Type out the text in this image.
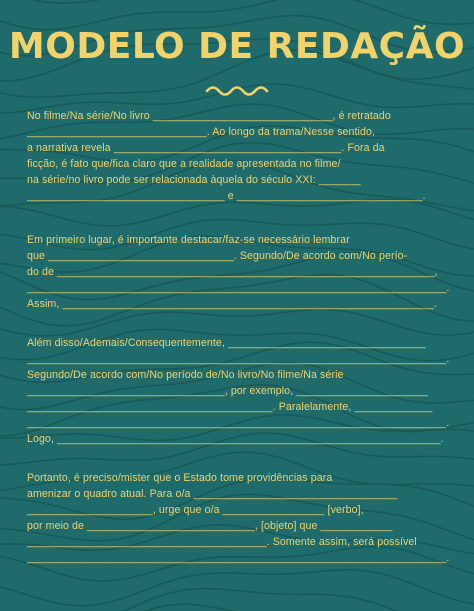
MODELO DE REDAÇÃO
No filme/Na série/No livro ______________________________, é retratado
______________________________. Ao longo da trama/Nesse sentido,
a narrativa revela ______________________________________. Fora da
ficção, é fato que/fica claro que a realidade apresentada no filme/
na série/no livro pode ser relacionada àquela do século XXI: _______
_________________________________ e _______________________________.
Em primeiro lugar, é importante destacar/faz-se necessário lembrar
que _______________________________. Segundo/De acordo com/No perío-
do de _______________________________________________________________,
______________________________________________________________________.
Assim, ______________________________________________________________.
Além disso/Ademais/Consequentemente, _________________________________
______________________________________________________________________.
Segundo/De acordo com/No período de/No livro/No filme/Na série
_________________________________, por exemplo, ______________________
_________________________________________. Paralelamente, _____________
______________________________________________________________________.
Logo, ________________________________________________________________.
Portanto, é preciso/mister que o Estado tome providências para
amenizar o quadro atual. Para o/a __________________________________
_____________________, urge que o/a _________________ [verbo],
por meio de ____________________________, [objeto] que ____________
________________________________________. Somente assim, será possível
______________________________________________________________________.
